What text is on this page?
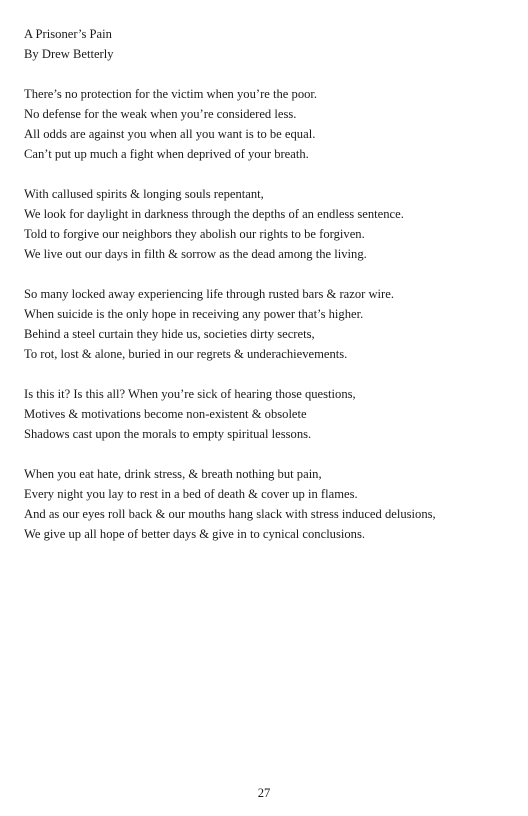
A Prisoner’s Pain
By Drew Betterly
There’s no protection for the victim when you’re the poor.
No defense for the weak when you’re considered less.
All odds are against you when all you want is to be equal.
Can’t put up much a fight when deprived of your breath.
With callused spirits & longing souls repentant,
We look for daylight in darkness through the depths of an endless sentence.
Told to forgive our neighbors they abolish our rights to be forgiven.
We live out our days in filth & sorrow as the dead among the living.
So many locked away experiencing life through rusted bars & razor wire.
When suicide is the only hope in receiving any power that’s higher.
Behind a steel curtain they hide us, societies dirty secrets,
To rot, lost & alone, buried in our regrets & underachievements.
Is this it? Is this all? When you’re sick of hearing those questions,
Motives & motivations become non-existent & obsolete
Shadows cast upon the morals to empty spiritual lessons.
When you eat hate, drink stress, & breath nothing but pain,
Every night you lay to rest in a bed of death & cover up in flames.
And as our eyes roll back & our mouths hang slack with stress induced delusions,
We give up all hope of better days & give in to cynical conclusions.
27
